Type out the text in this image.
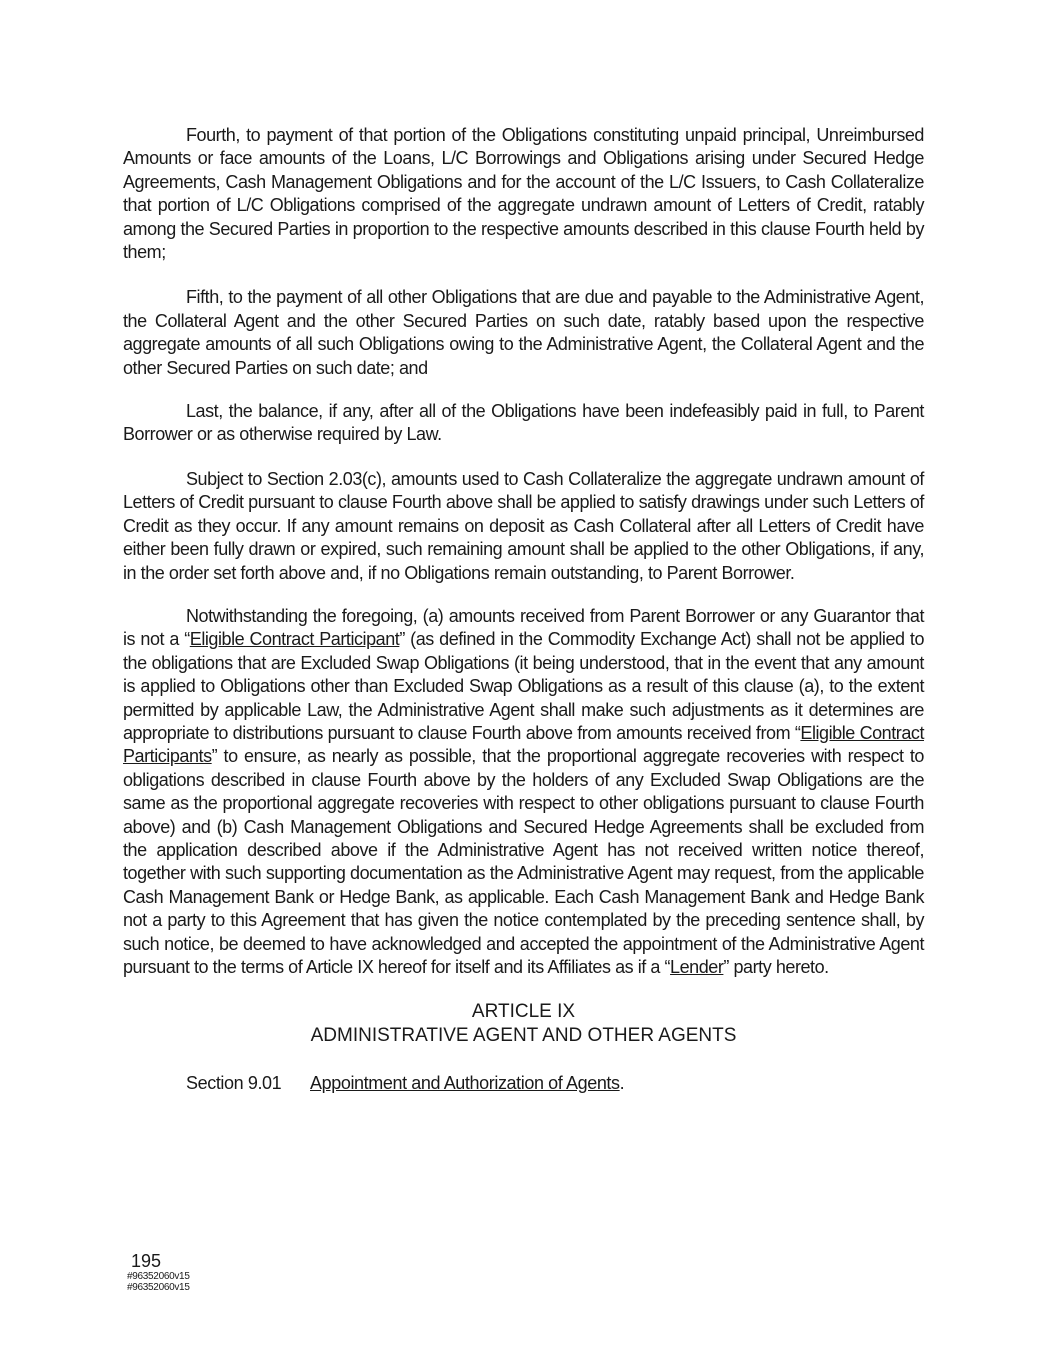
Fourth, to payment of that portion of the Obligations constituting unpaid principal, Unreimbursed Amounts or face amounts of the Loans, L/C Borrowings and Obligations arising under Secured Hedge Agreements, Cash Management Obligations and for the account of the L/C Issuers, to Cash Collateralize that portion of L/C Obligations comprised of the aggregate undrawn amount of Letters of Credit, ratably among the Secured Parties in proportion to the respective amounts described in this clause Fourth held by them;

Fifth, to the payment of all other Obligations that are due and payable to the Administrative Agent, the Collateral Agent and the other Secured Parties on such date, ratably based upon the respective aggregate amounts of all such Obligations owing to the Administrative Agent, the Collateral Agent and the other Secured Parties on such date; and

Last, the balance, if any, after all of the Obligations have been indefeasibly paid in full, to Parent Borrower or as otherwise required by Law.

Subject to Section 2.03(c), amounts used to Cash Collateralize the aggregate undrawn amount of Letters of Credit pursuant to clause Fourth above shall be applied to satisfy drawings under such Letters of Credit as they occur. If any amount remains on deposit as Cash Collateral after all Letters of Credit have either been fully drawn or expired, such remaining amount shall be applied to the other Obligations, if any, in the order set forth above and, if no Obligations remain outstanding, to Parent Borrower.

Notwithstanding the foregoing, (a) amounts received from Parent Borrower or any Guarantor that is not a “Eligible Contract Participant” (as defined in the Commodity Exchange Act) shall not be applied to the obligations that are Excluded Swap Obligations (it being understood, that in the event that any amount is applied to Obligations other than Excluded Swap Obligations as a result of this clause (a), to the extent permitted by applicable Law, the Administrative Agent shall make such adjustments as it determines are appropriate to distributions pursuant to clause Fourth above from amounts received from “Eligible Contract Participants” to ensure, as nearly as possible, that the proportional aggregate recoveries with respect to obligations described in clause Fourth above by the holders of any Excluded Swap Obligations are the same as the proportional aggregate recoveries with respect to other obligations pursuant to clause Fourth above) and (b) Cash Management Obligations and Secured Hedge Agreements shall be excluded from the application described above if the Administrative Agent has not received written notice thereof, together with such supporting documentation as the Administrative Agent may request, from the applicable Cash Management Bank or Hedge Bank, as applicable. Each Cash Management Bank and Hedge Bank not a party to this Agreement that has given the notice contemplated by the preceding sentence shall, by such notice, be deemed to have acknowledged and accepted the appointment of the Administrative Agent pursuant to the terms of Article IX hereof for itself and its Affiliates as if a “Lender” party hereto.

ARTICLE IX
ADMINISTRATIVE AGENT AND OTHER AGENTS
Section 9.01 Appointment and Authorization of Agents.
195
#96352060v15
#96352060v15
